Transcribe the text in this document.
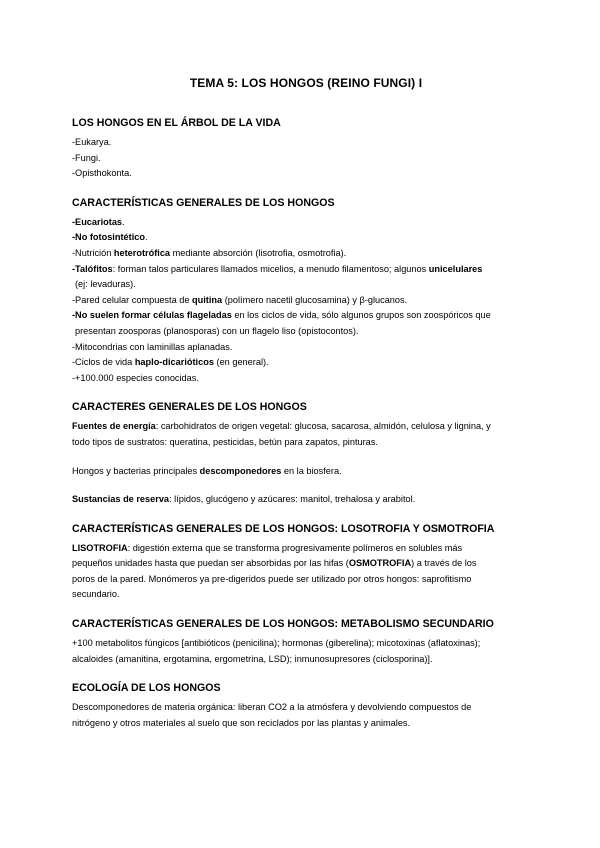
TEMA 5: LOS HONGOS (REINO FUNGI) I
LOS HONGOS EN EL ÁRBOL DE LA VIDA
-Eukarya.
-Fungi.
-Opisthokonta.
CARACTERÍSTICAS GENERALES DE LOS HONGOS
-Eucariotas.
-No fotosintético.
-Nutrición heterotrófica mediante absorción (lisotrofia, osmotrofia).
-Talófitos: forman talos particulares llamados micelios, a menudo filamentoso; algunos unicelulares
(ej: levaduras).
-Pared celular compuesta de quitina (polímero nacetil glucosamina) y β-glucanos.
-No suelen formar células flageladas en los ciclos de vida, sólo algunos grupos son zoospóricos que
presentan zoosporas (planosporas) con un flagelo liso (opistocontos).
-Mitocondrias con laminillas aplanadas.
-Ciclos de vida haplo-dicarióticos (en general).
-+100.000 especies conocidas.
CARACTERES GENERALES DE LOS HONGOS
Fuentes de energía: carbohidratos de origen vegetal: glucosa, sacarosa, almidón, celulosa y lignina, y
todo tipos de sustratos: queratina, pesticidas, betún para zapatos, pinturas.
Hongos y bacterias principales descomponedores en la biosfera.
Sustancias de reserva: lípidos, glucógeno y azúcares: manitol, trehalosa y arabitol.
CARACTERÍSTICAS GENERALES DE LOS HONGOS: LOSOTROFIA Y OSMOTROFIA
LISOTROFIA: digestión externa que se transforma progresivamente polímeros en solubles más
pequeños unidades hasta que puedan ser absorbidas por las hifas (OSMOTROFIA) a través de los
poros de la pared. Monómeros ya pre-digeridos puede ser utilizado por otros hongos: saprofitismo
secundario.
CARACTERÍSTICAS GENERALES DE LOS HONGOS: METABOLISMO SECUNDARIO
+100 metabolitos fúngicos [antibióticos (penicilina); hormonas (giberelina); micotoxinas (aflatoxinas);
alcaloides (amanitina, ergotamina, ergometrina, LSD); inmunosupresores (ciclosporina)].
ECOLOGÍA DE LOS HONGOS
Descomponedores de materia orgánica: liberan CO2 a la atmósfera y devolviendo compuestos de
nitrógeno y otros materiales al suelo que son reciclados por las plantas y animales.
